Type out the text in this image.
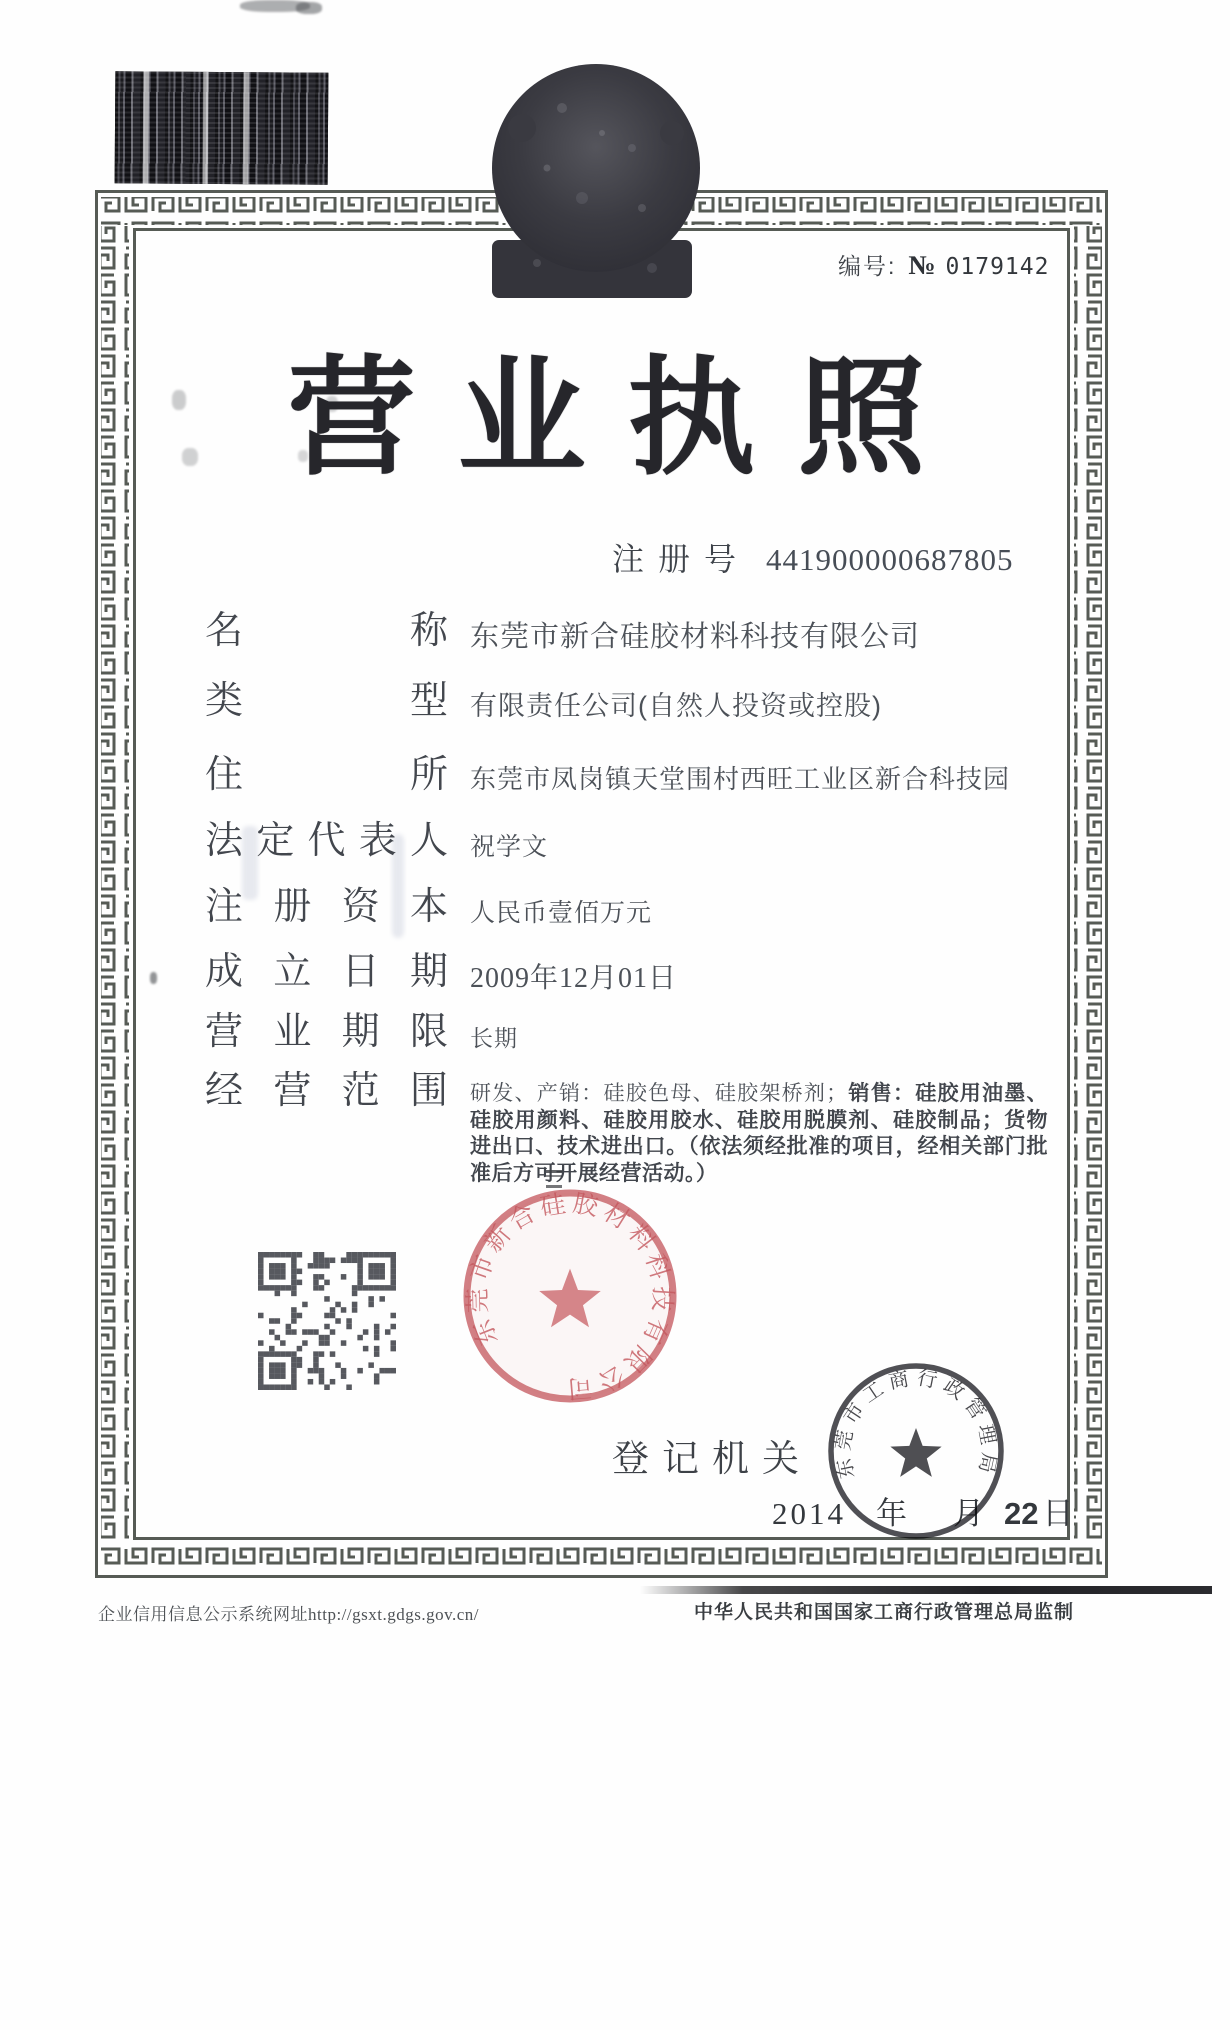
编号: № 0179142
营业执照
注册号 441900000687805
名称 东莞市新合硅胶材料科技有限公司
类型 有限责任公司(自然人投资或控股)
住所 东莞市凤岗镇天堂围村西旺工业区新合科技园
法定代表人 祝学文
注册资本 人民币壹佰万元
成立日期 2009年12月01日
营业期限 长期
经营范围 研发、产销：硅胶色母、硅胶架桥剂；销售：硅胶用油墨、硅胶用颜料、硅胶用胶水、硅胶用脱膜剂、硅胶制品；货物进出口、技术进出口。（依法须经批准的项目，经相关部门批准后方可开展经营活动。）
东莞市新合硅胶材料科技有限公司
登记机关
2014 年 月 22 日
东莞市工商行政管理局
企业信用信息公示系统网址http://gsxt.gdgs.gov.cn/	中华人民共和国国家工商行政管理总局监制
